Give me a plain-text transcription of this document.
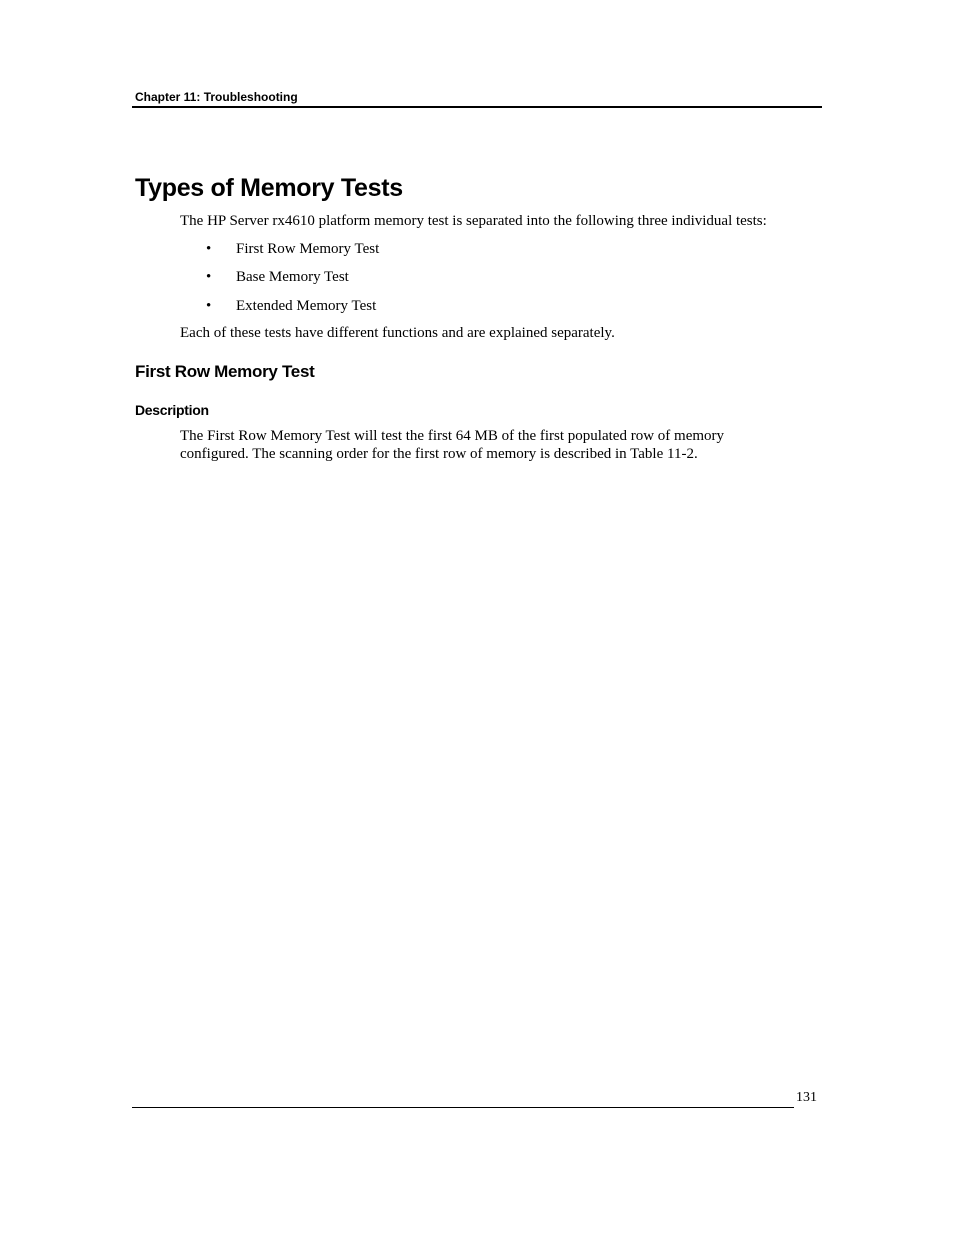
Chapter 11: Troubleshooting
Types of Memory Tests

The HP Server rx4610 platform memory test is separated into the following three individual tests:

• First Row Memory Test
• Base Memory Test
• Extended Memory Test

Each of these tests have different functions and are explained separately.

First Row Memory Test
Description

The First Row Memory Test will test the first 64 MB of the first populated row of memory

configured. The scanning order for the first row of memory is described in Table 11-2.

131
